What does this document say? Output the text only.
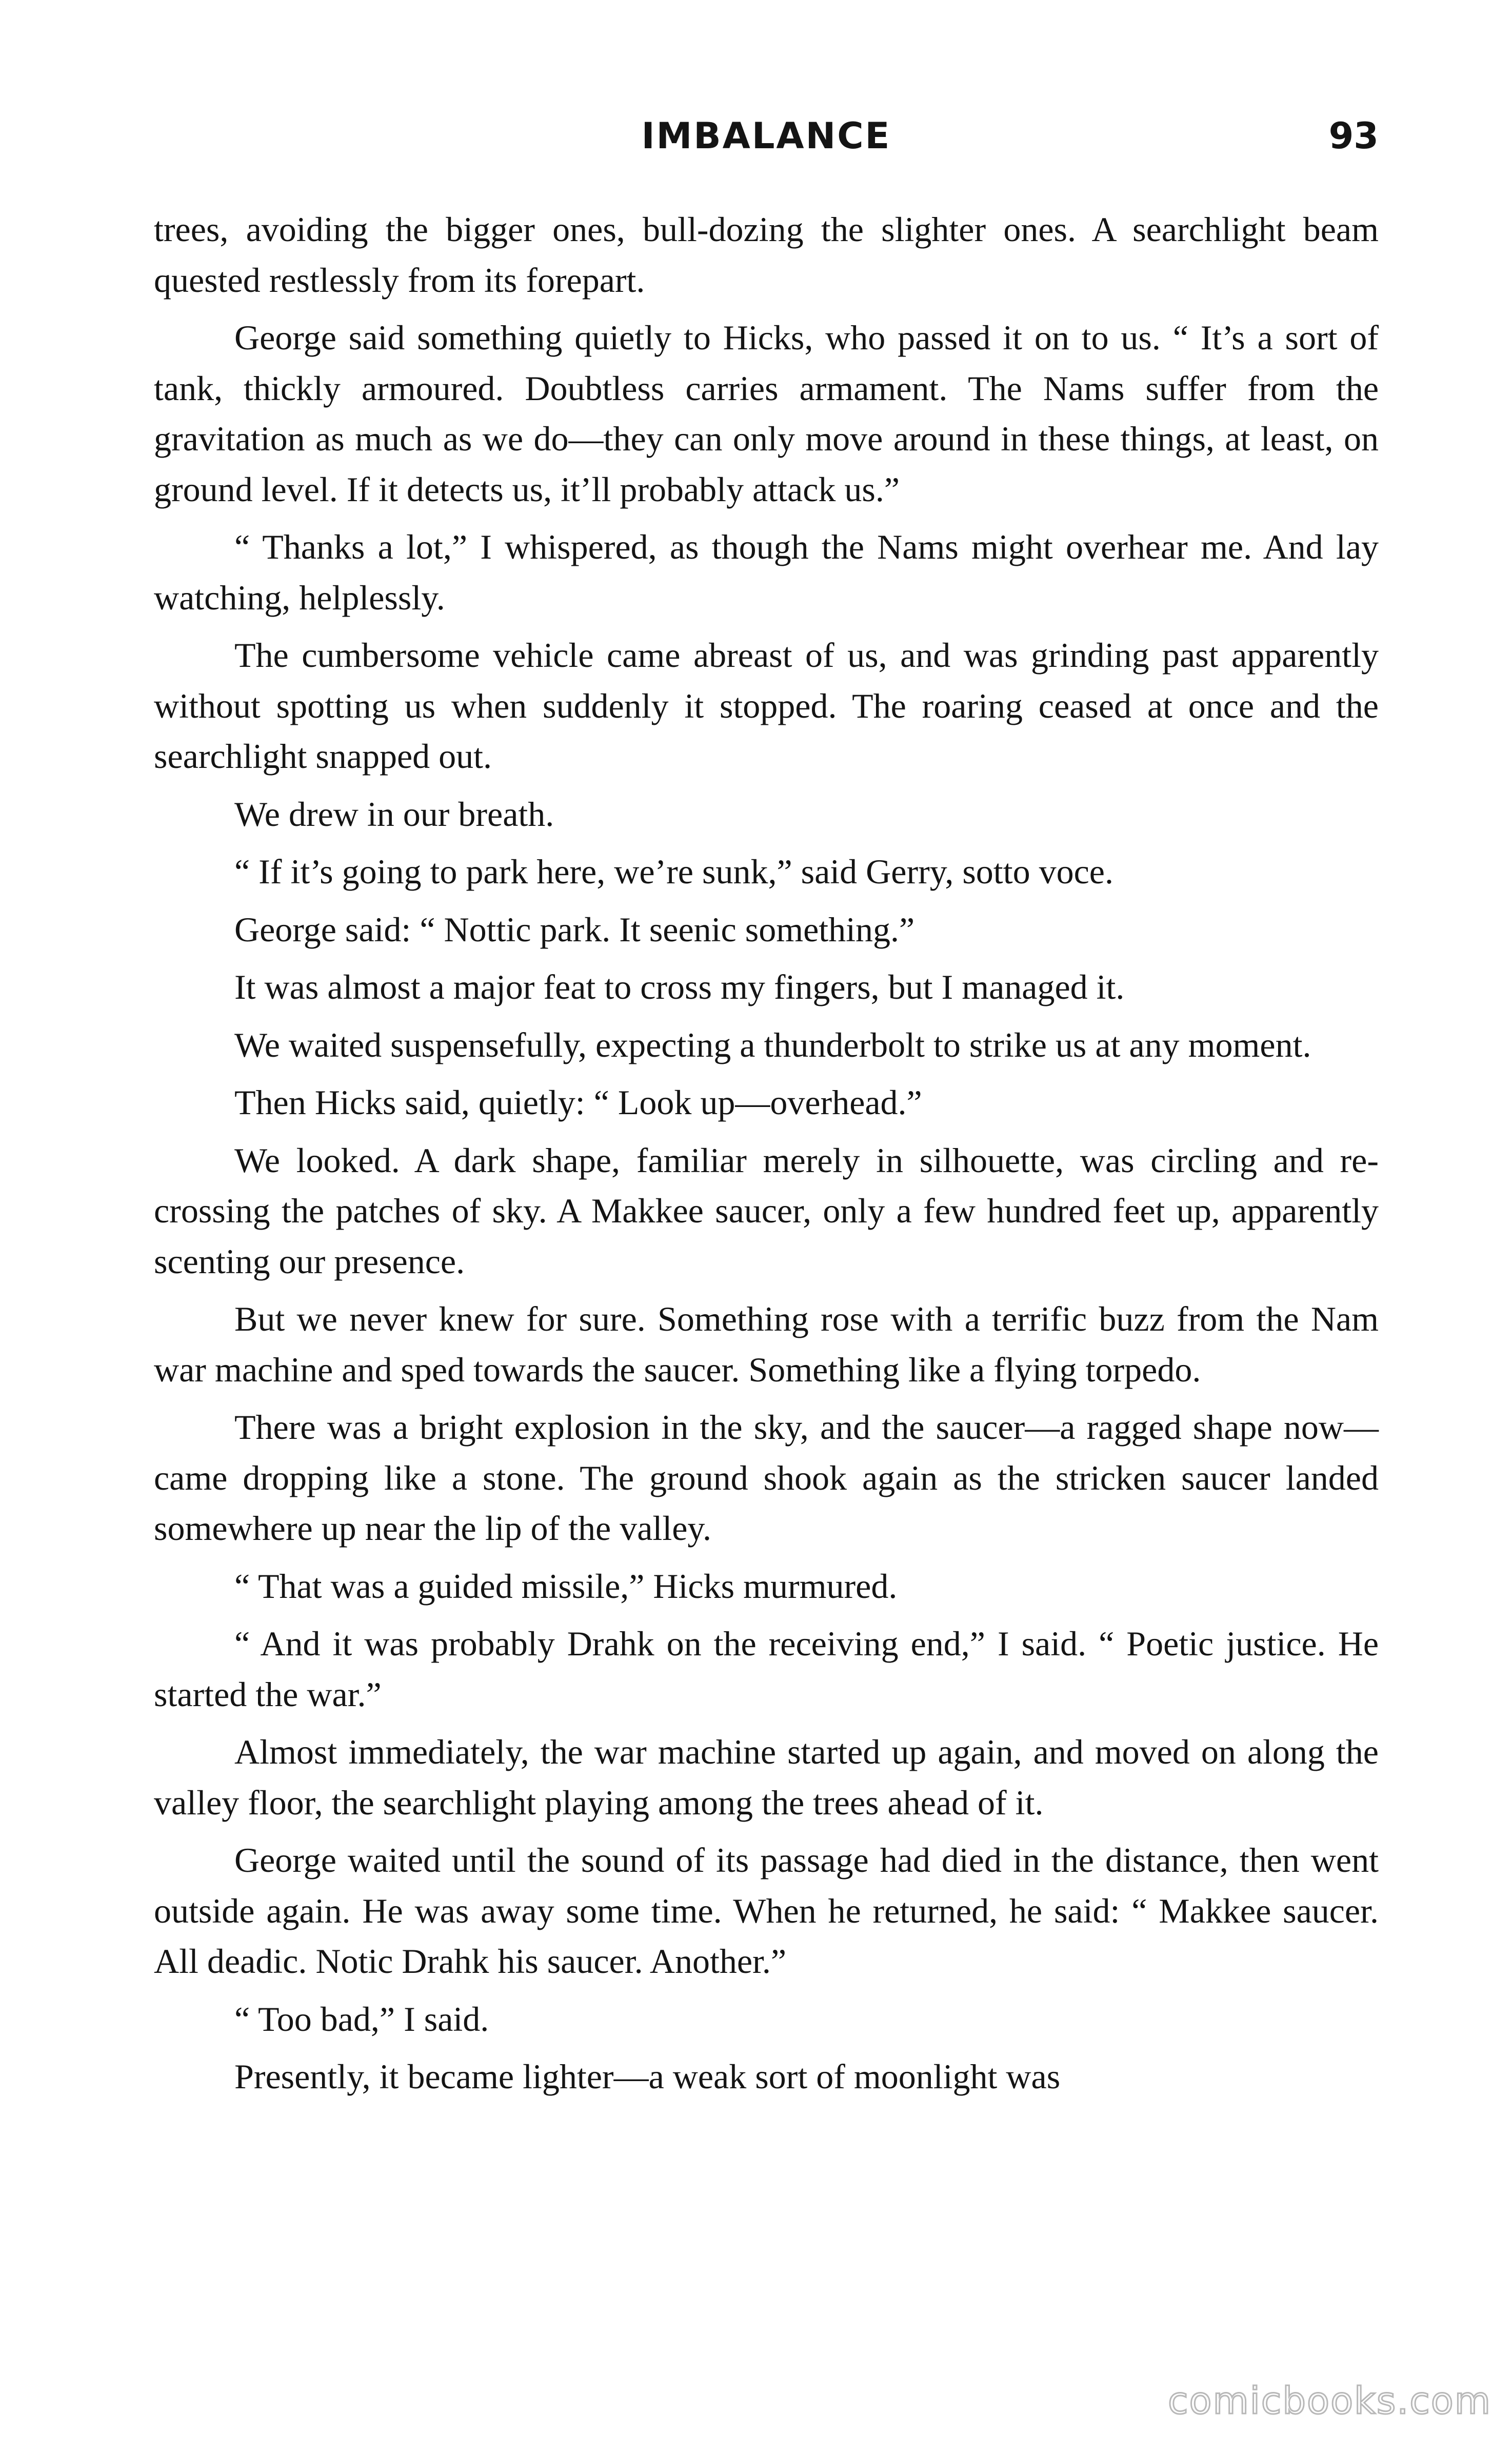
IMBALANCE	93

trees, avoiding the bigger ones, bull-dozing the slighter ones. A searchlight beam quested restlessly from its forepart.

George said something quietly to Hicks, who passed it on to us. “ It’s a sort of tank, thickly armoured. Doubtless carries armament. The Nams suffer from the gravitation as much as we do—they can only move around in these things, at least, on ground level. If it detects us, it’ll probably attack us.”

“ Thanks a lot,” I whispered, as though the Nams might overhear me. And lay watching, helplessly.

The cumbersome vehicle came abreast of us, and was grinding past apparently without spotting us when suddenly it stopped. The roaring ceased at once and the searchlight snapped out.

We drew in our breath.

“ If it’s going to park here, we’re sunk,” said Gerry, sotto voce.

George said: “ Nottic park. It seenic something.”

It was almost a major feat to cross my fingers, but I managed it.

We waited suspensefully, expecting a thunderbolt to strike us at any moment.

Then Hicks said, quietly: “ Look up—overhead.”

We looked. A dark shape, familiar merely in silhouette, was circling and re-crossing the patches of sky. A Makkee saucer, only a few hundred feet up, apparently scenting our presence.

But we never knew for sure. Something rose with a terrific buzz from the Nam war machine and sped towards the saucer. Something like a flying torpedo.

There was a bright explosion in the sky, and the saucer—a ragged shape now—came dropping like a stone. The ground shook again as the stricken saucer landed somewhere up near the lip of the valley.

“ That was a guided missile,” Hicks murmured.

“ And it was probably Drahk on the receiving end,” I said. “ Poetic justice. He started the war.”

Almost immediately, the war machine started up again, and moved on along the valley floor, the searchlight playing among the trees ahead of it.

George waited until the sound of its passage had died in the distance, then went outside again. He was away some time. When he returned, he said: “ Makkee saucer. All deadic. Notic Drahk his saucer. Another.”

“ Too bad,” I said.

Presently, it became lighter—a weak sort of moonlight was

comicbooks.com
